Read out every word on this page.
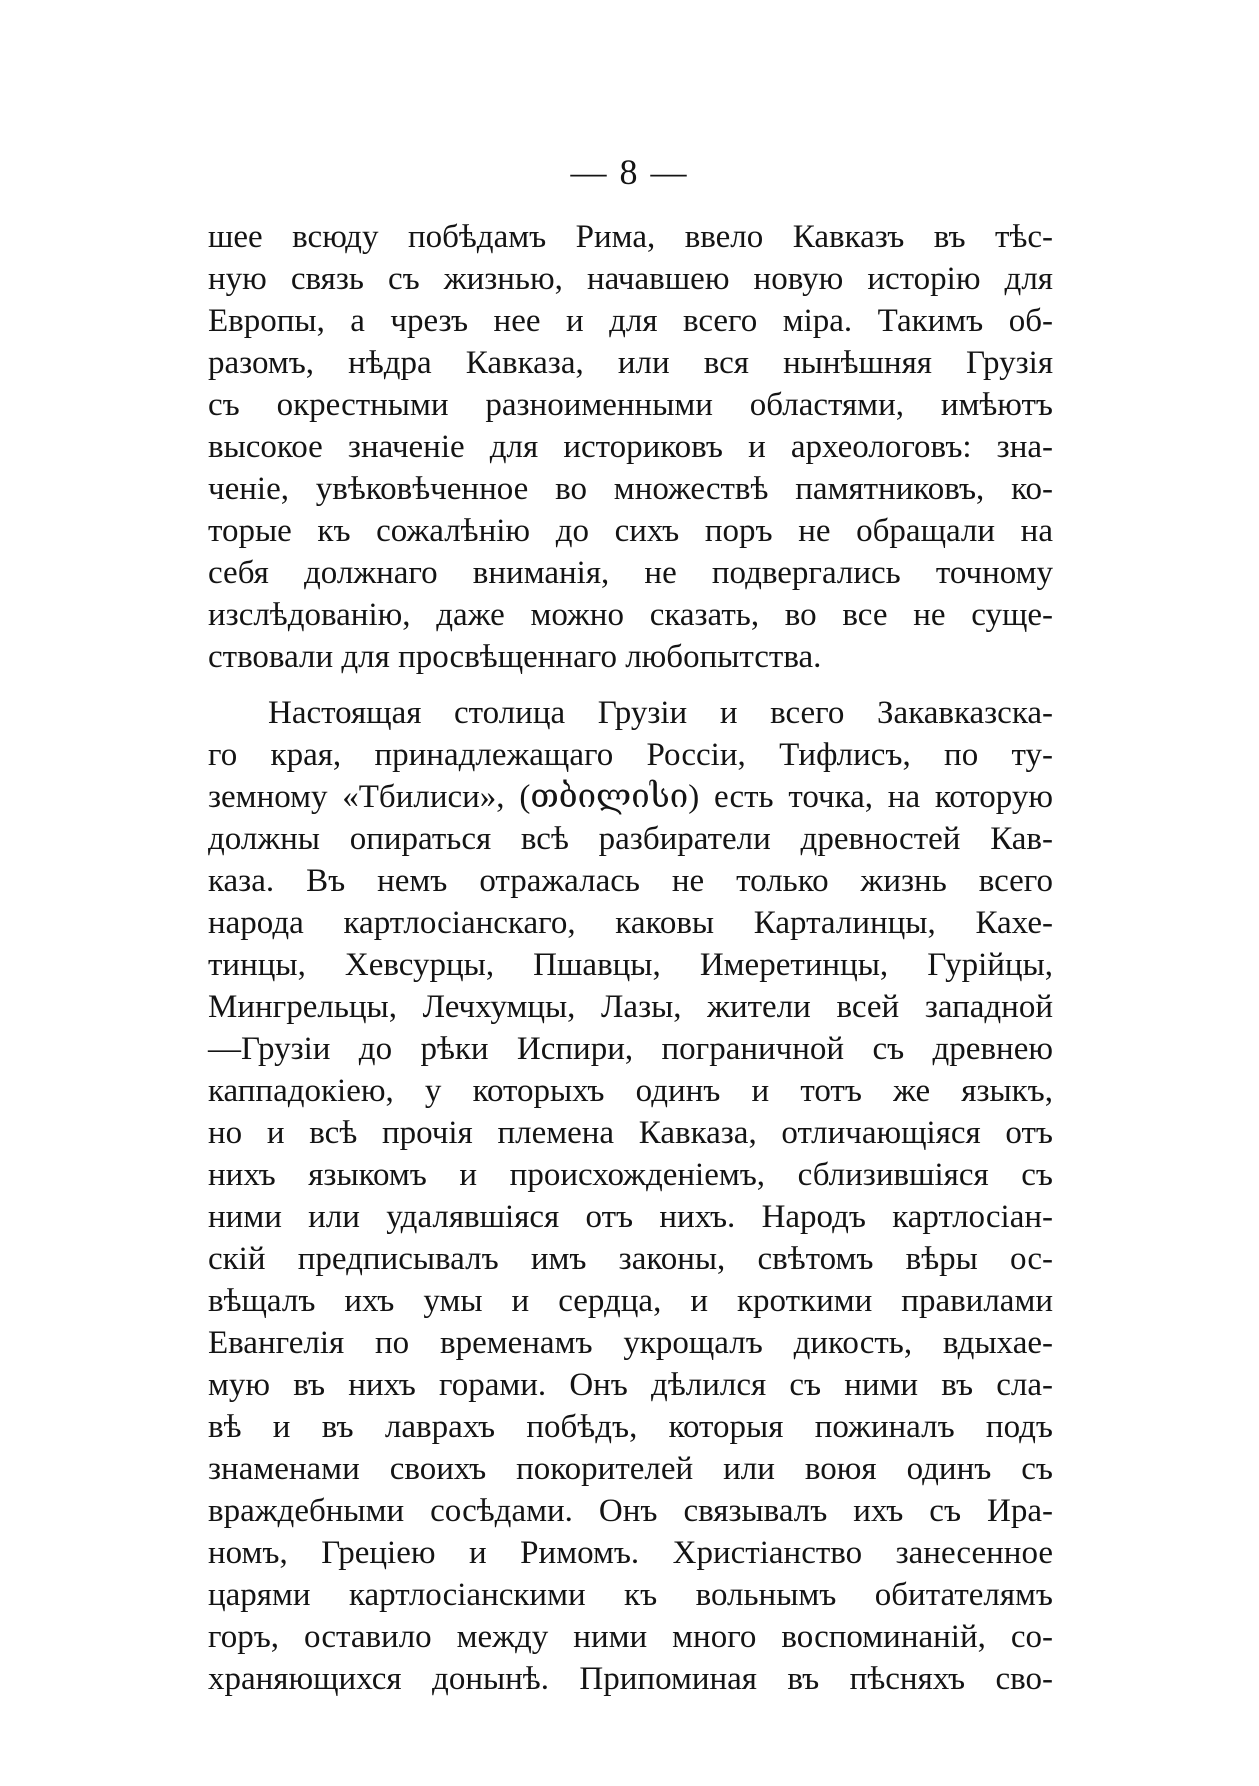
— 8 —
шее всюду побѣдамъ Рима, ввело Кавказъ въ тѣс-
ную связь съ жизнью, начавшею новую исторію для
Европы, а чрезъ нее и для всего міра. Такимъ об-
разомъ, нѣдра Кавказа, или вся нынѣшняя Грузія
съ окрестными разноименными областями, имѣютъ
высокое значеніе для историковъ и археологовъ: зна-
ченіе, увѣковѣченное во множествѣ памятниковъ, ко-
торые къ сожалѣнію до сихъ поръ не обращали на
себя должнаго вниманія, не подвергались точному
изслѣдованію, даже можно сказать, во все не суще-
ствовали для просвѣщеннаго любопытства.
Настоящая столица Грузіи и всего Закавказска-
го края, принадлежащаго Россіи, Тифлисъ, по ту-
земному «Тбилиси», (თბილისი) есть точка, на которую
должны опираться всѣ разбиратели древностей Кав-
каза. Въ немъ отражалась не только жизнь всего
народа картлосіанскаго, каковы Карталинцы, Кахе-
тинцы, Хевсурцы, Пшавцы, Имеретинцы, Гурійцы,
Мингрельцы, Лечхумцы, Лазы, жители всей западной
—Грузіи до рѣки Испири, пограничной съ древнею
каппадокіею, у которыхъ одинъ и тотъ же языкъ,
но и всѣ прочія племена Кавказа, отличающіяся отъ
нихъ языкомъ и происхожденіемъ, сблизившіяся съ
ними или удалявшіяся отъ нихъ. Народъ картлосіан-
скій предписывалъ имъ законы, свѣтомъ вѣры ос-
вѣщалъ ихъ умы и сердца, и кроткими правилами
Евангелія по временамъ укрощалъ дикость, вдыхае-
мую въ нихъ горами. Онъ дѣлился съ ними въ сла-
вѣ и въ лаврахъ побѣдъ, которыя пожиналъ подъ
знаменами своихъ покорителей или воюя одинъ съ
враждебными сосѣдами. Онъ связывалъ ихъ съ Ира-
номъ, Греціею и Римомъ. Христіанство занесенное
царями картлосіанскими къ вольнымъ обитателямъ
горъ, оставило между ними много воспоминаній, со-
храняющихся донынѣ. Припоминая въ пѣсняхъ сво-
